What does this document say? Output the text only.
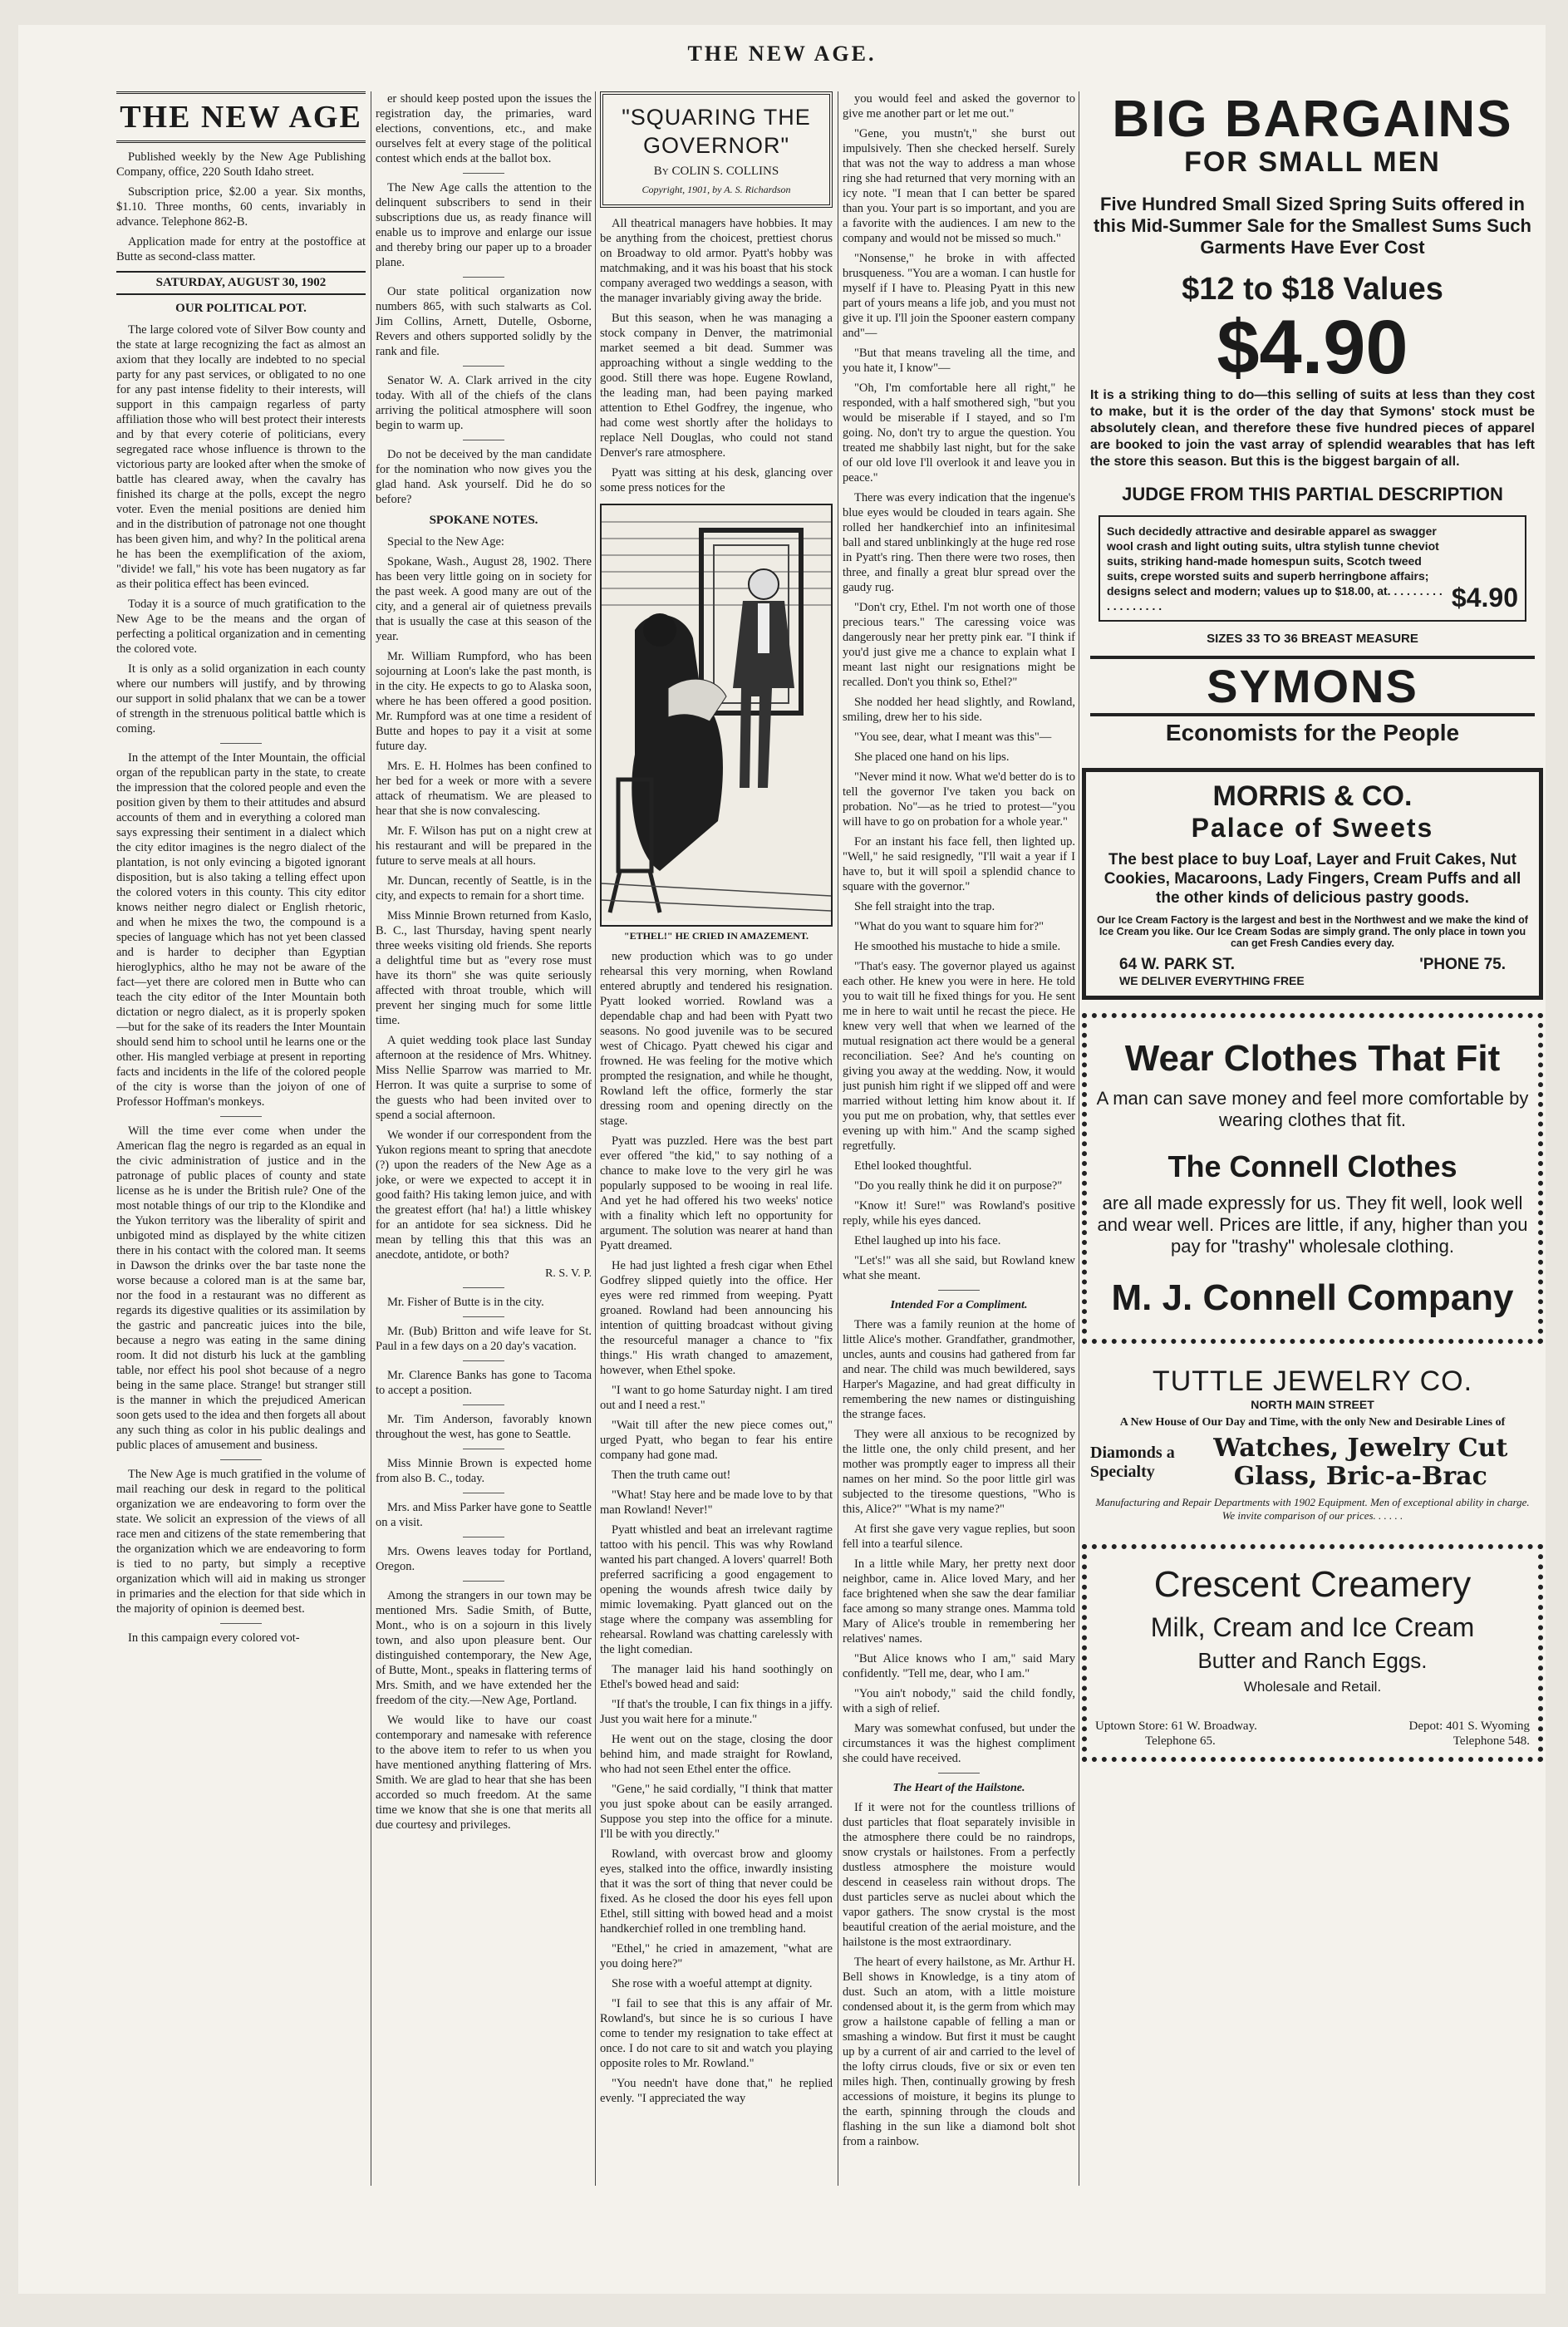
THE NEW AGE.
THE NEW AGE

Published weekly by the New Age Publishing Company, office, 220 South Idaho street.

Subscription price, $2.00 a year. Six months, $1.10. Three months, 60 cents, invariably in advance. Telephone 862-B.

Application made for entry at the postoffice at Butte as second-class matter.

SATURDAY, AUGUST 30, 1902
OUR POLITICAL POT.

The large colored vote of Silver Bow county and the state at large recognizing the fact as almost an axiom that they locally are indebted to no special party for any past services, or obligated to no one for any past intense fidelity to their interests, will support in this campaign regarless of party affiliation those who will best protect their interests and by that every coterie of politicians, every segregated race whose influence is thrown to the victorious party are looked after when the smoke of battle has cleared away, when the cavalry has finished its charge at the polls, except the negro voter. Even the menial positions are denied him and in the distribution of patronage not one thought has been given him, and why? In the political arena he has been the exemplification of the axiom, "divide! we fall," his vote has been nugatory as far as their politica effect has been evinced.

Today it is a source of much gratification to the New Age to be the means and the organ of perfecting a political organization and in cementing the colored vote.

It is only as a solid organization in each county where our numbers will justify, and by throwing our support in solid phalanx that we can be a tower of strength in the strenuous political battle which is coming.

In the attempt of the Inter Mountain, the official organ of the republican party in the state, to create the impression that the colored people and even the position given by them to their attitudes and absurd accounts of them and in everything a colored man says expressing their sentiment in a dialect which the city editor imagines is the negro dialect of the plantation, is not only evincing a bigoted ignorant disposition, but is also taking a telling effect upon the colored voters in this county. This city editor knows neither negro dialect or English rhetoric, and when he mixes the two, the compound is a species of language which has not yet been classed and is harder to decipher than Egyptian hieroglyphics, altho he may not be aware of the fact—yet there are colored men in Butte who can teach the city editor of the Inter Mountain both dictation or negro dialect, as it is properly spoken—but for the sake of its readers the Inter Mountain should send him to school until he learns one or the other. His mangled verbiage at present in reporting facts and incidents in the life of the colored people of the city is worse than the joiyon of one of Professor Hoffman's monkeys.

Will the time ever come when under the American flag the negro is regarded as an equal in the civic administration of justice and in the patronage of public places of county and state license as he is under the British rule? One of the most notable things of our trip to the Klondike and the Yukon territory was the liberality of spirit and unbigoted mind as displayed by the white citizen there in his contact with the colored man. It seems in Dawson the drinks over the bar taste none the worse because a colored man is at the same bar, nor the food in a restaurant was no different as regards its digestive qualities or its assimilation by the gastric and pancreatic juices into the bile, because a negro was eating in the same dining room. It did not disturb his luck at the gambling table, nor effect his pool shot because of a negro being in the same place. Strange! but stranger still is the manner in which the prejudiced American soon gets used to the idea and then forgets all about any such thing as color in his public dealings and public places of amusement and business.

The New Age is much gratified in the volume of mail reaching our desk in regard to the political organization we are endeavoring to form over the state. We solicit an expression of the views of all race men and citizens of the state remembering that the organization which we are endeavoring to form is tied to no party, but simply a receptive organization which will aid in making us stronger in primaries and the election for that side which in the majority of opinion is deemed best.

In this campaign every colored vot-

er should keep posted upon the issues the registration day, the primaries, ward elections, conventions, etc., and make ourselves felt at every stage of the political contest which ends at the ballot box.

The New Age calls the attention to the delinquent subscribers to send in their subscriptions due us, as ready finance will enable us to improve and enlarge our issue and thereby bring our paper up to a broader plane.

Our state political organization now numbers 865, with such stalwarts as Col. Jim Collins, Arnett, Dutelle, Osborne, Revers and others supported solidly by the rank and file.

Senator W. A. Clark arrived in the city today. With all of the chiefs of the clans arriving the political atmosphere will soon begin to warm up.

Do not be deceived by the man candidate for the nomination who now gives you the glad hand. Ask yourself. Did he do so before?

SPOKANE NOTES.

Special to the New Age:

Spokane, Wash., August 28, 1902. There has been very little going on in society for the past week. A good many are out of the city, and a general air of quietness prevails that is usually the case at this season of the year.

Mr. William Rumpford, who has been sojourning at Loon's lake the past month, is in the city. He expects to go to Alaska soon, where he has been offered a good position. Mr. Rumpford was at one time a resident of Butte and hopes to pay it a visit at some future day.

Mrs. E. H. Holmes has been confined to her bed for a week or more with a severe attack of rheumatism. We are pleased to hear that she is now convalescing.

Mr. F. Wilson has put on a night crew at his restaurant and will be prepared in the future to serve meals at all hours.

Mr. Duncan, recently of Seattle, is in the city, and expects to remain for a short time.

Miss Minnie Brown returned from Kaslo, B. C., last Thursday, having spent nearly three weeks visiting old friends. She reports a delightful time but as "every rose must have its thorn" she was quite seriously affected with throat trouble, which will prevent her singing much for some little time.

A quiet wedding took place last Sunday afternoon at the residence of Mrs. Whitney. Miss Nellie Sparrow was married to Mr. Herron. It was quite a surprise to some of the guests who had been invited over to spend a social afternoon.

We wonder if our correspondent from the Yukon regions meant to spring that anecdote (?) upon the readers of the New Age as a joke, or were we expected to accept it in good faith? His taking lemon juice, and with the greatest effort (ha! ha!) a little whiskey for an antidote for sea sickness. Did he mean by telling this that this was an anecdote, antidote, or both?

R. S. V. P.

Mr. Fisher of Butte is in the city.

Mr. (Bub) Britton and wife leave for St. Paul in a few days on a 20 day's vacation.

Mr. Clarence Banks has gone to Tacoma to accept a position.

Mr. Tim Anderson, favorably known throughout the west, has gone to Seattle.

Miss Minnie Brown is expected home from also B. C., today.

Mrs. and Miss Parker have gone to Seattle on a visit.

Mrs. Owens leaves today for Portland, Oregon.

Among the strangers in our town may be mentioned Mrs. Sadie Smith, of Butte, Mont., who is on a sojourn in this lively town, and also upon pleasure bent. Our distinguished contemporary, the New Age, of Butte, Mont., speaks in flattering terms of Mrs. Smith, and we have extended her the freedom of the city.—New Age, Portland.

We would like to have our coast contemporary and namesake with reference to the above item to refer to us when you have mentioned anything flattering of Mrs. Smith. We are glad to hear that she has been accorded so much freedom. At the same time we know that she is one that merits all due courtesy and privileges.

"SQUARING THE GOVERNOR"
By COLIN S. COLLINS
Copyright, 1901, by A. S. Richardson

All theatrical managers have hobbies. It may be anything from the choicest, prettiest chorus on Broadway to old armor. Pyatt's hobby was matchmaking, and it was his boast that his stock company averaged two weddings a season, with the manager invariably giving away the bride.

But this season, when he was managing a stock company in Denver, the matrimonial market seemed a bit dead. Summer was approaching without a single wedding to the good. Still there was hope. Eugene Rowland, the leading man, had been paying marked attention to Ethel Godfrey, the ingenue, who had come west shortly after the holidays to replace Nell Douglas, who could not stand Denver's rare atmosphere.

Pyatt was sitting at his desk, glancing over some press notices for the

"ETHEL!" HE CRIED IN AMAZEMENT.

new production which was to go under rehearsal this very morning, when Rowland entered abruptly and tendered his resignation. Pyatt looked worried. Rowland was a dependable chap and had been with Pyatt two seasons. No good juvenile was to be secured west of Chicago. Pyatt chewed his cigar and frowned. He was feeling for the motive which prompted the resignation, and while he thought, Rowland left the office, formerly the star dressing room and opening directly on the stage.

Pyatt was puzzled. Here was the best part ever offered "the kid," to say nothing of a chance to make love to the very girl he was popularly supposed to be wooing in real life. And yet he had offered his two weeks' notice with a finality which left no opportunity for argument. The solution was nearer at hand than Pyatt dreamed.

He had just lighted a fresh cigar when Ethel Godfrey slipped quietly into the office. Her eyes were red rimmed from weeping. Pyatt groaned. Rowland had been announcing his intention of quitting broadcast without giving the resourceful manager a chance to "fix things." His wrath changed to amazement, however, when Ethel spoke.

"I want to go home Saturday night. I am tired out and I need a rest."

"Wait till after the new piece comes out," urged Pyatt, who began to fear his entire company had gone mad.

Then the truth came out!

"What! Stay here and be made love to by that man Rowland! Never!"

Pyatt whistled and beat an irrelevant ragtime tattoo with his pencil. This was why Rowland wanted his part changed. A lovers' quarrel! Both preferred sacrificing a good engagement to opening the wounds afresh twice daily by mimic lovemaking. Pyatt glanced out on the stage where the company was assembling for rehearsal. Rowland was chatting carelessly with the light comedian.

The manager laid his hand soothingly on Ethel's bowed head and said:

"If that's the trouble, I can fix things in a jiffy. Just you wait here for a minute."

He went out on the stage, closing the door behind him, and made straight for Rowland, who had not seen Ethel enter the office.

"Gene," he said cordially, "I think that matter you just spoke about can be easily arranged. Suppose you step into the office for a minute. I'll be with you directly."

Rowland, with overcast brow and gloomy eyes, stalked into the office, inwardly insisting that it was the sort of thing that never could be fixed. As he closed the door his eyes fell upon Ethel, still sitting with bowed head and a moist handkerchief rolled in one trembling hand.

"Ethel," he cried in amazement, "what are you doing here?"

She rose with a woeful attempt at dignity.

"I fail to see that this is any affair of Mr. Rowland's, but since he is so curious I have come to tender my resignation to take effect at once. I do not care to sit and watch you playing opposite roles to Mr. Rowland."

"You needn't have done that," he replied evenly. "I appreciated the way

you would feel and asked the governor to give me another part or let me out."

"Gene, you mustn't," she burst out impulsively. Then she checked herself. Surely that was not the way to address a man whose ring she had returned that very morning with an icy note. "I mean that I can better be spared than you. Your part is so important, and you are a favorite with the audiences. I am new to the company and would not be missed so much."

"Nonsense," he broke in with affected brusqueness. "You are a woman. I can hustle for myself if I have to. Pleasing Pyatt in this new part of yours means a life job, and you must not give it up. I'll join the Spooner eastern company and"—

"But that means traveling all the time, and you hate it, I know"—

"Oh, I'm comfortable here all right," he responded, with a half smothered sigh, "but you would be miserable if I stayed, and so I'm going. No, don't try to argue the question. You treated me shabbily last night, but for the sake of our old love I'll overlook it and leave you in peace."

There was every indication that the ingenue's blue eyes would be clouded in tears again. She rolled her handkerchief into an infinitesimal ball and stared unblinkingly at the huge red rose in Pyatt's ring. Then there were two roses, then three, and finally a great blur spread over the gaudy rug.

"Don't cry, Ethel. I'm not worth one of those precious tears." The caressing voice was dangerously near her pretty pink ear. "I think if you'd just give me a chance to explain what I meant last night our resignations might be recalled. Don't you think so, Ethel?"

She nodded her head slightly, and Rowland, smiling, drew her to his side.

"You see, dear, what I meant was this"—

She placed one hand on his lips.

"Never mind it now. What we'd better do is to tell the governor I've taken you back on probation. No"—as he tried to protest—"you will have to go on probation for a whole year."

For an instant his face fell, then lighted up. "Well," he said resignedly, "I'll wait a year if I have to, but it will spoil a splendid chance to square with the governor."

She fell straight into the trap.

"What do you want to square him for?"

He smoothed his mustache to hide a smile.

"That's easy. The governor played us against each other. He knew you were in here. He told you to wait till he fixed things for you. He sent me in here to wait until he recast the piece. He knew very well that when we learned of the mutual resignation act there would be a general reconciliation. See? And he's counting on giving you away at the wedding. Now, it would just punish him right if we slipped off and were married without letting him know about it. If you put me on probation, why, that settles ever evening up with him." And the scamp sighed regretfully.

Ethel looked thoughtful.

"Do you really think he did it on purpose?"

"Know it! Sure!" was Rowland's positive reply, while his eyes danced.

Ethel laughed up into his face.

"Let's!" was all she said, but Rowland knew what she meant.

Intended For a Compliment.

There was a family reunion at the home of little Alice's mother. Grandfather, grandmother, uncles, aunts and cousins had gathered from far and near. The child was much bewildered, says Harper's Magazine, and had great difficulty in remembering the new names or distinguishing the strange faces.

They were all anxious to be recognized by the little one, the only child present, and her mother was promptly eager to impress all their names on her mind. So the poor little girl was subjected to the tiresome questions, "Who is this, Alice?" "What is my name?"

At first she gave very vague replies, but soon fell into a tearful silence.

In a little while Mary, her pretty next door neighbor, came in. Alice loved Mary, and her face brightened when she saw the dear familiar face among so many strange ones. Mamma told Mary of Alice's trouble in remembering her relatives' names.

"But Alice knows who I am," said Mary confidently. "Tell me, dear, who I am."

"You ain't nobody," said the child fondly, with a sigh of relief.

Mary was somewhat confused, but under the circumstances it was the highest compliment she could have received.

The Heart of the Hailstone.

If it were not for the countless trillions of dust particles that float separately invisible in the atmosphere there could be no raindrops, snow crystals or hailstones. From a perfectly dustless atmosphere the moisture would descend in ceaseless rain without drops. The dust particles serve as nuclei about which the vapor gathers. The snow crystal is the most beautiful creation of the aerial moisture, and the hailstone is the most extraordinary.

The heart of every hailstone, as Mr. Arthur H. Bell shows in Knowledge, is a tiny atom of dust. Such an atom, with a little moisture condensed about it, is the germ from which may grow a hailstone capable of felling a man or smashing a window. But first it must be caught up by a current of air and carried to the level of the lofty cirrus clouds, five or six or even ten miles high. Then, continually growing by fresh accessions of moisture, it begins its plunge to the earth, spinning through the clouds and flashing in the sun like a diamond bolt shot from a rainbow.

BIG BARGAINS
FOR SMALL MEN
Five Hundred Small Sized Spring Suits offered in this Mid-Summer Sale for the Smallest Sums Such Garments Have Ever Cost
$12 to $18 Values
$4.90
It is a striking thing to do—this selling of suits at less than they cost to make, but it is the order of the day that Symons' stock must be absolutely clean, and therefore these five hundred pieces of apparel are booked to join the vast array of splendid wearables that has left the store this season. But this is the biggest bargain of all.
JUDGE FROM THIS PARTIAL DESCRIPTION
Such decidedly attractive and desirable apparel as swagger wool crash and light outing suits, ultra stylish tunne cheviot suits, striking hand-made homespun suits, Scotch tweed suits, crepe worsted suits and superb herringbone affairs; designs select and modern; values up to $18.00, at. . . . . . . . . . . . . . . . . .	$4.90
SIZES 33 TO 36 BREAST MEASURE
SYMONS
Economists for the People
MORRIS & CO.
Palace of Sweets
The best place to buy Loaf, Layer and Fruit Cakes, Nut Cookies, Macaroons, Lady Fingers, Cream Puffs and all the other kinds of delicious pastry goods.
Our Ice Cream Factory is the largest and best in the Northwest and we make the kind of Ice Cream you like. Our Ice Cream Sodas are simply grand. The only place in town you can get Fresh Candies every day.
64 W. PARK ST.	'PHONE 75.
WE DELIVER EVERYTHING FREE
Wear Clothes That Fit
A man can save money and feel more comfortable by wearing clothes that fit.
The Connell Clothes
are all made expressly for us. They fit well, look well and wear well. Prices are little, if any, higher than you pay for "trashy" wholesale clothing.
M. J. Connell Company
TUTTLE JEWELRY CO.
NORTH MAIN STREET
A New House of Our Day and Time, with the only New and Desirable Lines of
Diamonds a Specialty
Watches, Jewelry Cut Glass, Bric-a-Brac
Manufacturing and Repair Departments with 1902 Equipment. Men of exceptional ability in charge. We invite comparison of our prices. . . . . .
Crescent Creamery
Milk, Cream and Ice Cream
Butter and Ranch Eggs.
Wholesale and Retail.
Uptown Store: 61 W. Broadway.
Telephone 65.
Depot: 401 S. Wyoming
Telephone 548.
